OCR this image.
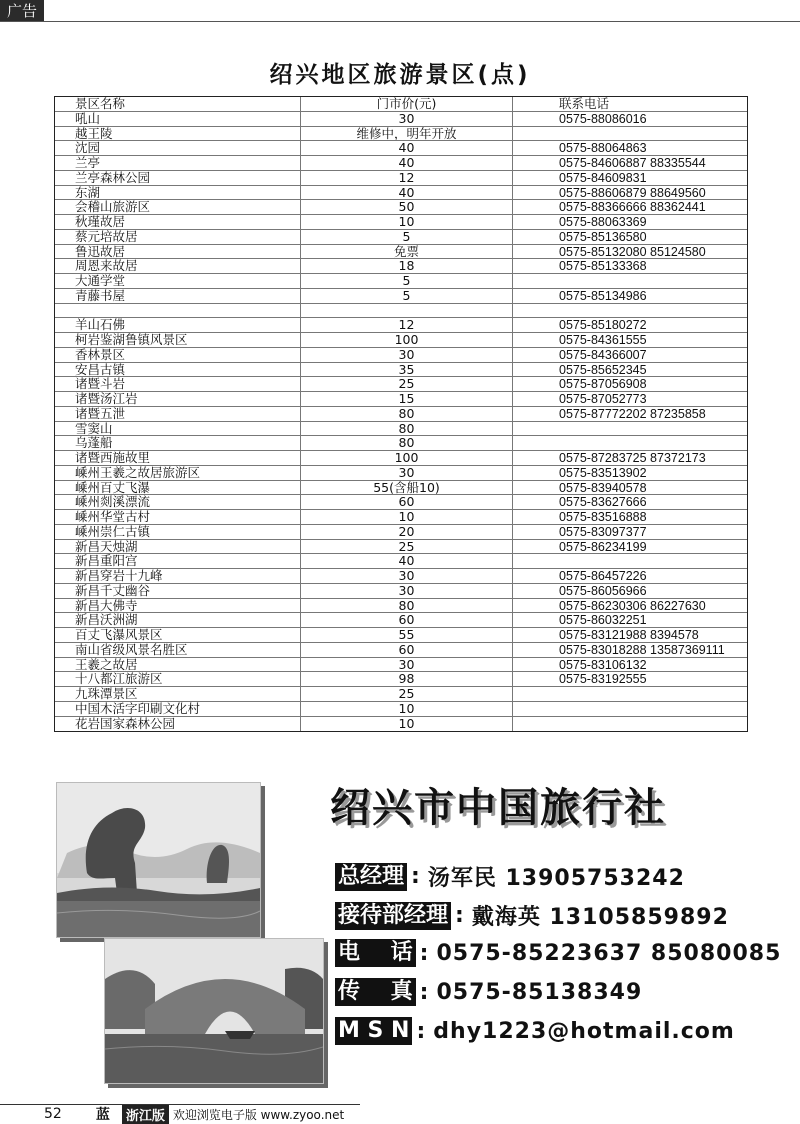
广告
绍兴地区旅游景区(点)
景区名称	门市价(元)	联系电话
吼山	30	0575-88086016
越王陵	维修中，明年开放
沈园	40	0575-88064863
兰亭	40	0575-84606887 88335544
兰亭森林公园	12	0575-84609831
东湖	40	0575-88606879 88649560
会稽山旅游区	50	0575-88366666 88362441
秋瑾故居	10	0575-88063369
蔡元培故居	5	0575-85136580
鲁迅故居	免票	0575-85132080 85124580
周恩来故居	18	0575-85133368
大通学堂	5
青藤书屋	5	0575-85134986
羊山石佛	12	0575-85180272
柯岩鉴湖鲁镇风景区	100	0575-84361555
香林景区	30	0575-84366007
安昌古镇	35	0575-85652345
诸暨斗岩	25	0575-87056908
诸暨汤江岩	15	0575-87052773
诸暨五泄	80	0575-87772202 87235858
雪窦山	80
乌蓬船	80
诸暨西施故里	100	0575-87283725 87372173
嵊州王羲之故居旅游区	30	0575-83513902
嵊州百丈飞瀑	55(含船10)	0575-83940578
嵊州剡溪漂流	60	0575-83627666
嵊州华堂古村	10	0575-83516888
嵊州崇仁古镇	20	0575-83097377
新昌天烛湖	25	0575-86234199
新昌重阳宫	40
新昌穿岩十九峰	30	0575-86457226
新昌千丈幽谷	30	0575-86056966
新昌大佛寺	80	0575-86230306 86227630
新昌沃洲湖	60	0575-86032251
百丈飞瀑风景区	55	0575-83121988 8394578
南山省级风景名胜区	60	0575-83018288 13587369111
王羲之故居	30	0575-83106132
十八都江旅游区	98	0575-83192555
九珠潭景区	25
中国木活字印刷文化村	10
花岩国家森林公园	10
绍兴市中国旅行社
总经理 : 汤军民 13905753242
接待部经理 : 戴海英 13105859892
电    话 : 0575-85223637 85080085
传    真 : 0575-85138349
M S N : dhy1223@hotmail.com
52 蓝	浙江版 欢迎浏览电子版 www.zyoo.net
